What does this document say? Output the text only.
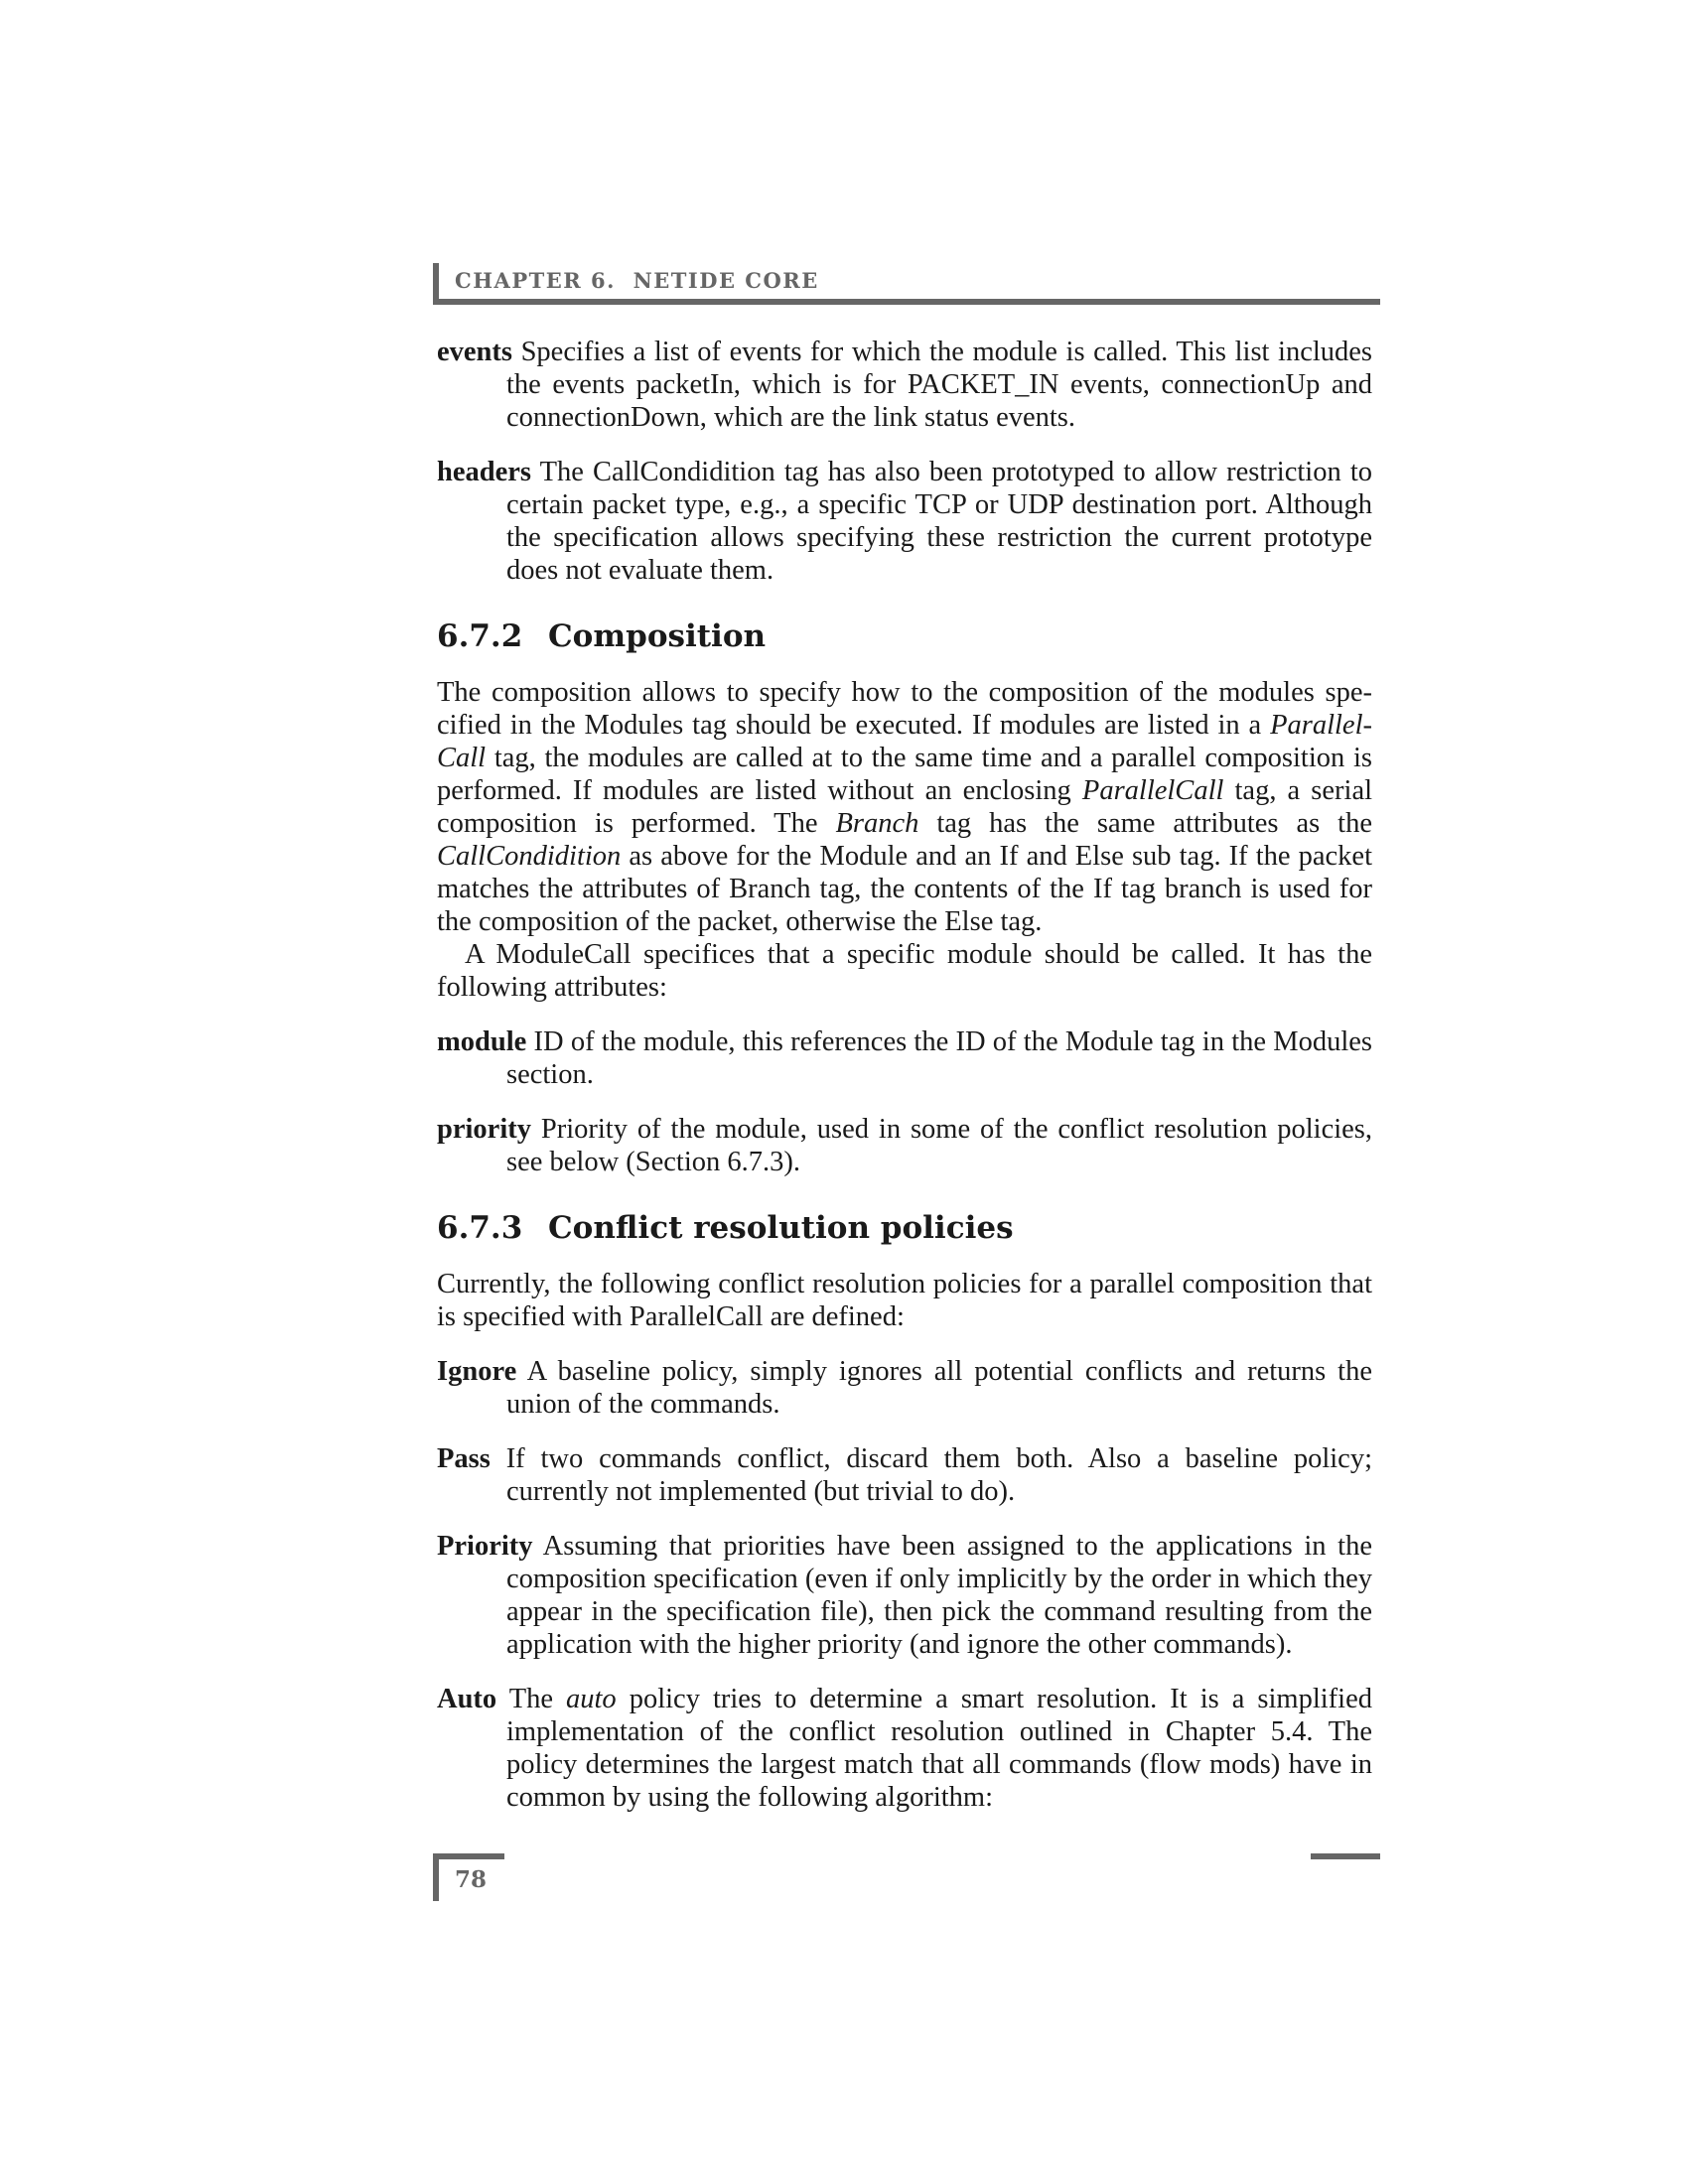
CHAPTER 6. NETIDE CORE
events Specifies a list of events for which the module is called. This list includes the events packetIn, which is for PACKET_IN events, connectionUp and connectionDown, which are the link status events.
headers The CallCondidition tag has also been prototyped to allow restriction to certain packet type, e.g., a specific TCP or UDP destination port. Although the specification allows specifying these restriction the current prototype does not evaluate them.
6.7.2 Composition

The composition allows to specify how to the composition of the modules specified in the Modules tag should be executed. If modules are listed in a ParallelCall tag, the modules are called at to the same time and a parallel composition is performed. If modules are listed without an enclosing ParallelCall tag, a serial composition is performed. The Branch tag has the same attributes as the CallCondidition as above for the Module and an If and Else sub tag. If the packet matches the attributes of Branch tag, the contents of the If tag branch is used for the composition of the packet, otherwise the Else tag.

A ModuleCall specifices that a specific module should be called. It has the following attributes:

module ID of the module, this references the ID of the Module tag in the Modules section.
priority Priority of the module, used in some of the conflict resolution policies, see below (Section 6.7.3).
6.7.3 Conflict resolution policies

Currently, the following conflict resolution policies for a parallel composition that is specified with ParallelCall are defined:

Ignore A baseline policy, simply ignores all potential conflicts and returns the union of the commands.
Pass If two commands conflict, discard them both. Also a baseline policy; currently not implemented (but trivial to do).
Priority Assuming that priorities have been assigned to the applications in the composition specification (even if only implicitly by the order in which they appear in the specification file), then pick the command resulting from the application with the higher priority (and ignore the other commands).
Auto The auto policy tries to determine a smart resolution. It is a simplified implementation of the conflict resolution outlined in Chapter 5.4. The policy determines the largest match that all commands (flow mods) have in common by using the following algorithm:
78
